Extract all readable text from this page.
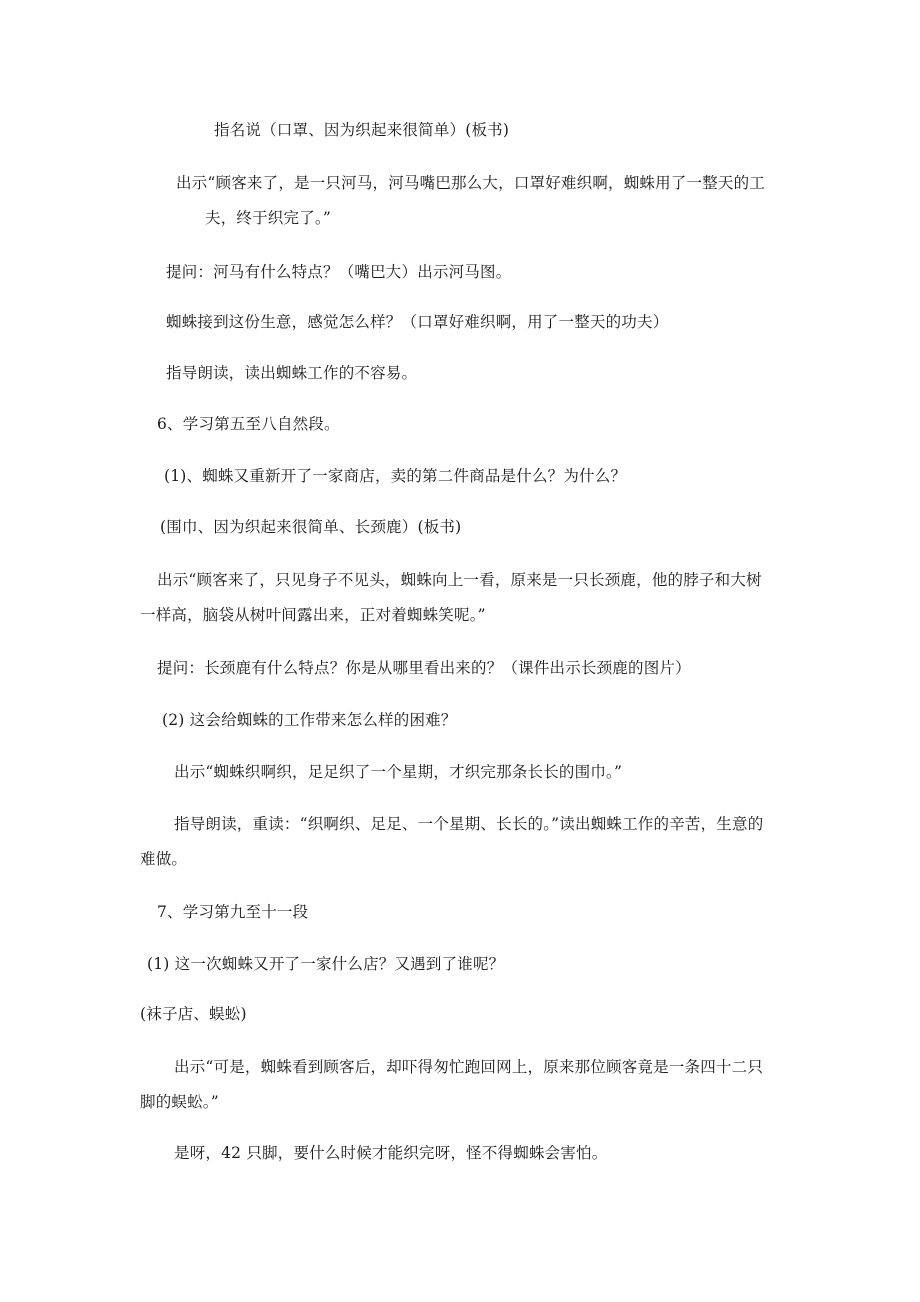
指名说（口罩、因为织起来很简单）(板书)
出示“顾客来了，是一只河马，河马嘴巴那么大，口罩好难织啊，蜘蛛用了一整天的工
夫，终于织完了。”
提问：河马有什么特点？（嘴巴大）出示河马图。
蜘蛛接到这份生意，感觉怎么样？（口罩好难织啊，用了一整天的功夫）
指导朗读，读出蜘蛛工作的不容易。
6、学习第五至八自然段。
(1)、蜘蛛又重新开了一家商店，卖的第二件商品是什么？为什么？
(围巾、因为织起来很简单、长颈鹿）(板书)
出示“顾客来了，只见身子不见头，蜘蛛向上一看，原来是一只长颈鹿，他的脖子和大树
一样高，脑袋从树叶间露出来，正对着蜘蛛笑呢。”
提问：长颈鹿有什么特点？你是从哪里看出来的？（课件出示长颈鹿的图片）
(2) 这会给蜘蛛的工作带来怎么样的困难？
出示“蜘蛛织啊织，足足织了一个星期，才织完那条长长的围巾。”
指导朗读，重读：“织啊织、足足、一个星期、长长的。”读出蜘蛛工作的辛苦，生意的
难做。
7、学习第九至十一段
(1) 这一次蜘蛛又开了一家什么店？又遇到了谁呢？
(袜子店、蜈蚣)
出示“可是，蜘蛛看到顾客后，却吓得匆忙跑回网上，原来那位顾客竟是一条四十二只
脚的蜈蚣。”
是呀，42 只脚，要什么时候才能织完呀，怪不得蜘蛛会害怕。
